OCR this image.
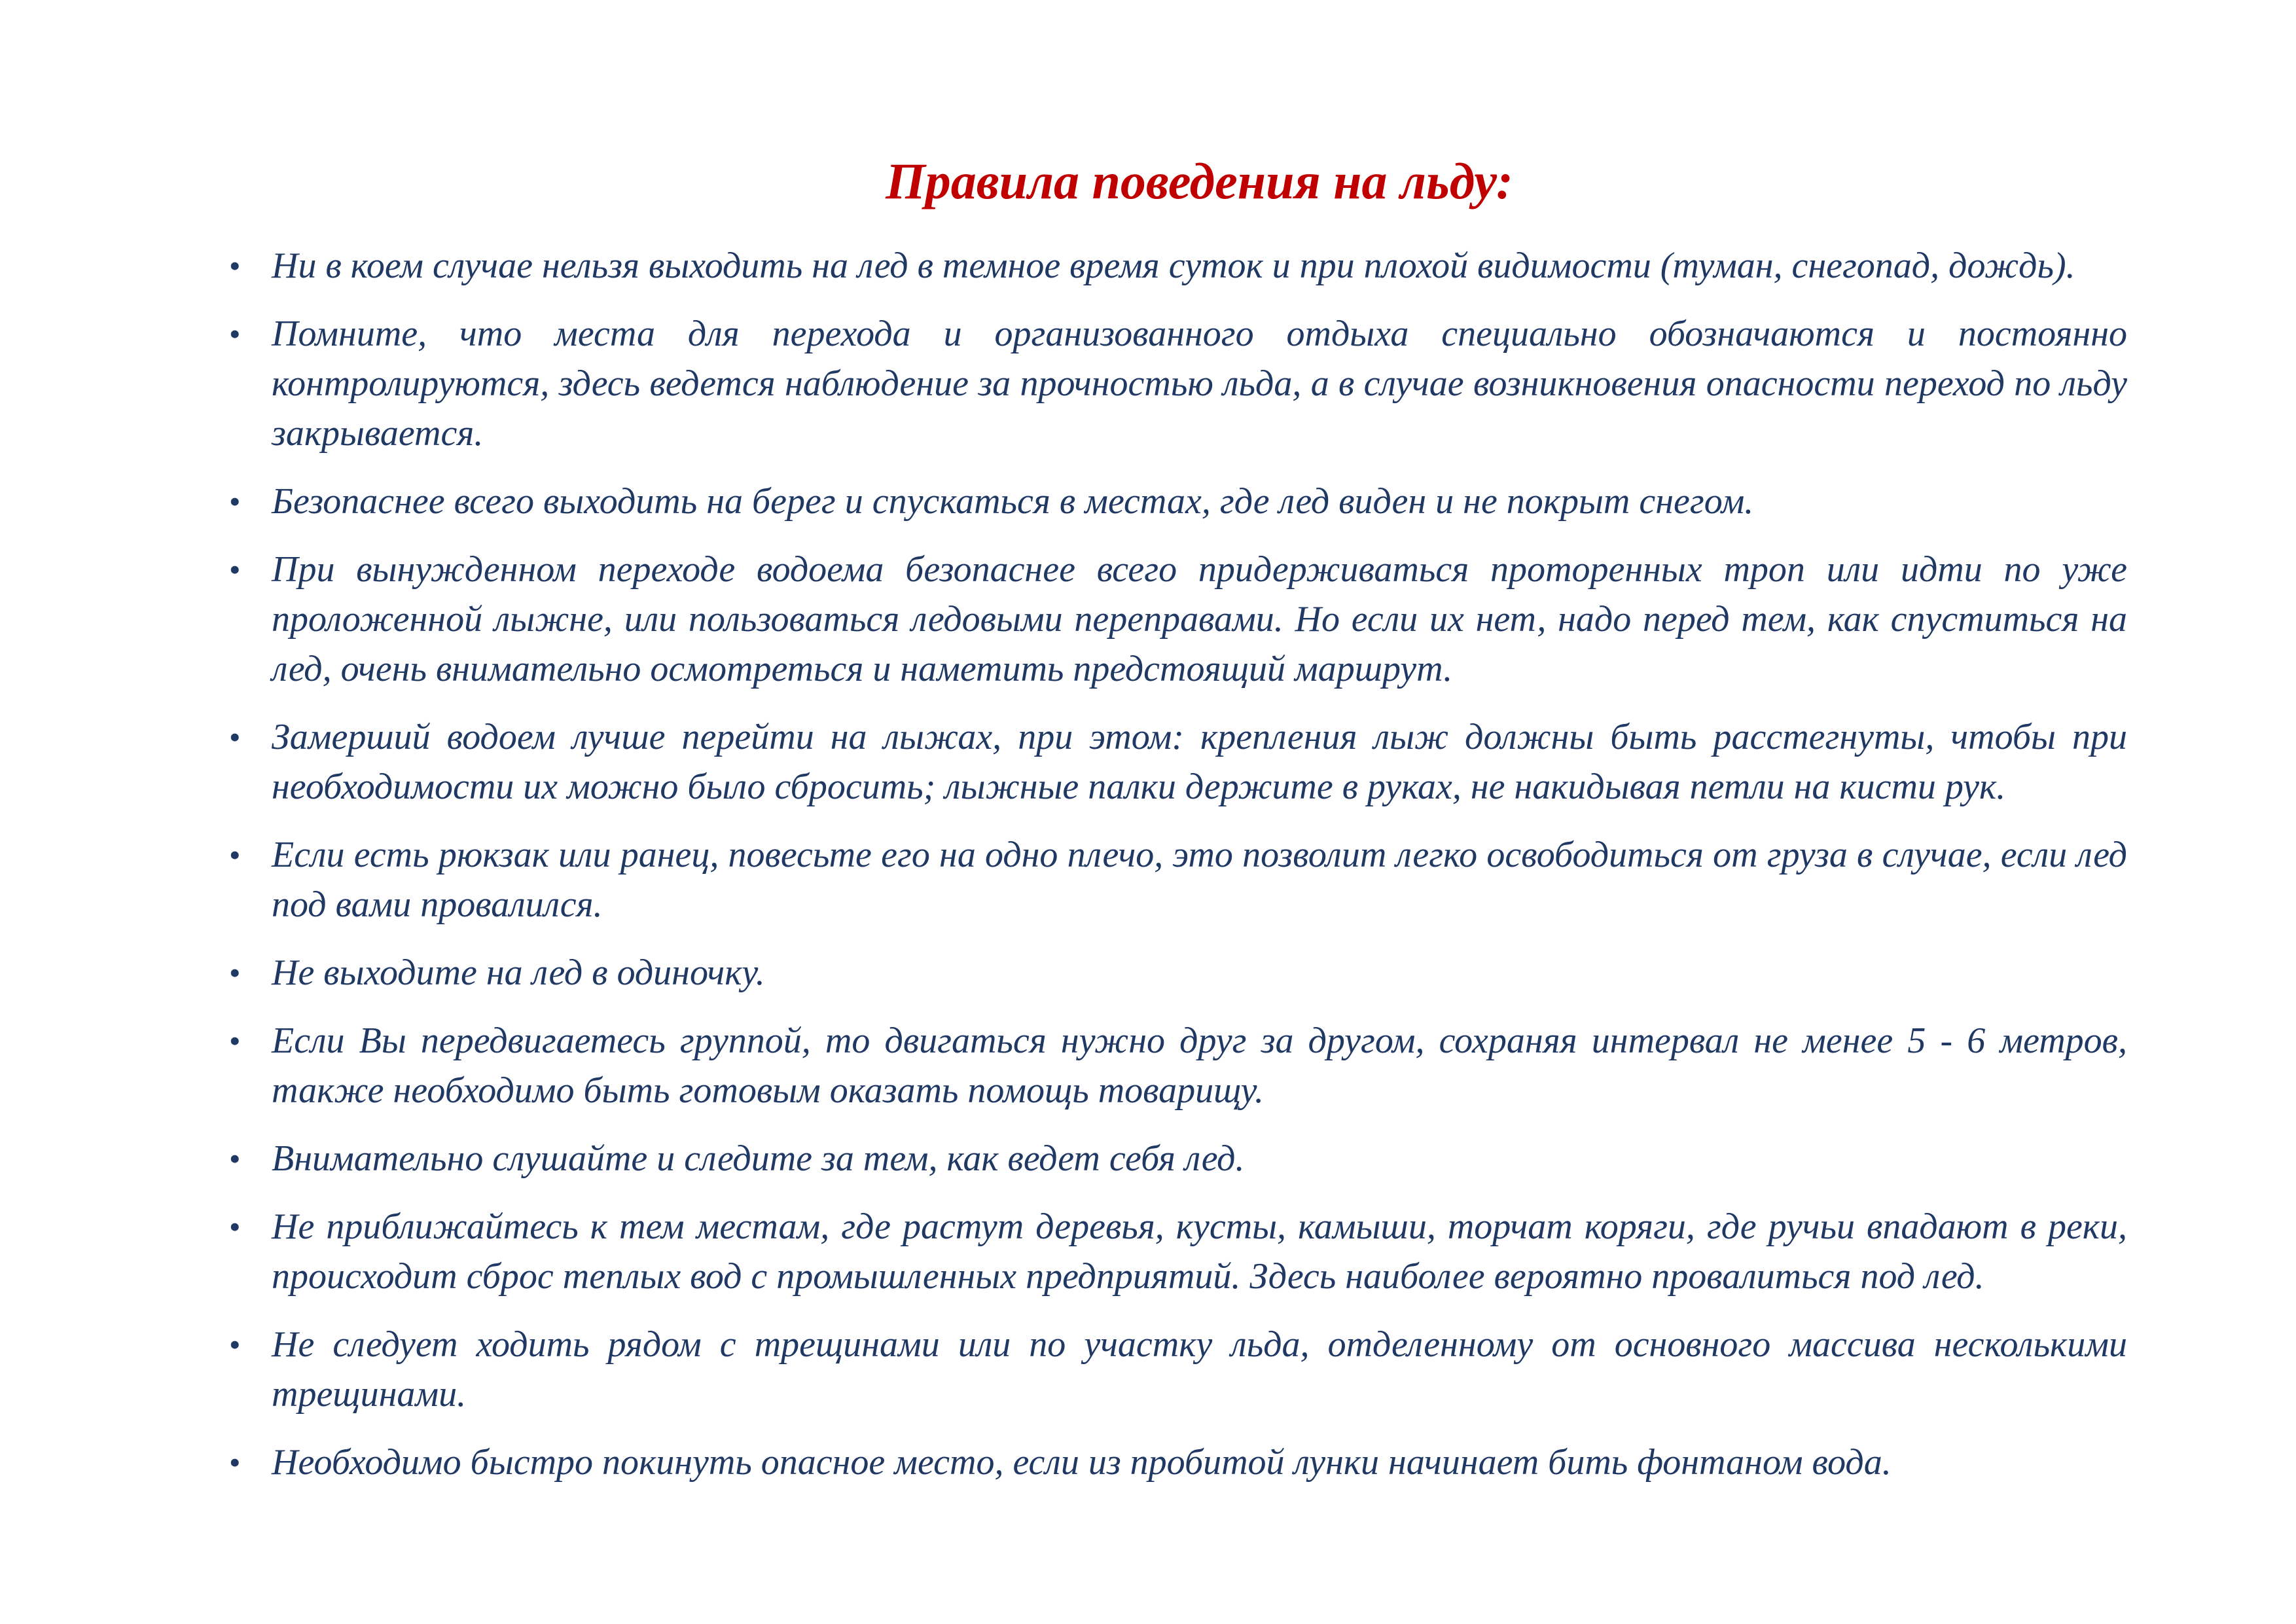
Правила поведения на льду:
• Ни в коем случае нельзя выходить на лед в темное время суток и при плохой видимости (туман, снегопад, дождь).
• Помните, что места для перехода и организованного отдыха специально обозначаются и постоянно контролируются, здесь ведется наблюдение за прочностью льда, а в случае возникновения опасности переход по льду закрывается.
• Безопаснее всего выходить на берег и спускаться в местах, где лед виден и не покрыт снегом.
• При вынужденном переходе водоема безопаснее всего придерживаться проторенных троп или идти по уже проложенной лыжне, или пользоваться ледовыми переправами. Но если их нет, надо перед тем, как спуститься на лед, очень внимательно осмотреться и наметить предстоящий маршрут.
• Замерший водоем лучше перейти на лыжах, при этом: крепления лыж должны быть расстегнуты, чтобы при необходимости их можно было сбросить; лыжные палки держите в руках, не накидывая петли на кисти рук.
• Если есть рюкзак или ранец, повесьте его на одно плечо, это позволит легко освободиться от груза в случае, если лед под вами провалился.
• Не выходите на лед в одиночку.
• Если Вы передвигаетесь группой, то двигаться нужно друг за другом, сохраняя интервал не менее 5 - 6 метров, также необходимо быть готовым оказать помощь товарищу.
• Внимательно слушайте и следите за тем, как ведет себя лед.
• Не приближайтесь к тем местам, где растут деревья, кусты, камыши, торчат коряги, где ручьи впадают в реки, происходит сброс теплых вод с промышленных предприятий. Здесь наиболее вероятно провалиться под лед.
• Не следует ходить рядом с трещинами или по участку льда, отделенному от основного массива несколькими трещинами.
• Необходимо быстро покинуть опасное место, если из пробитой лунки начинает бить фонтаном вода.
